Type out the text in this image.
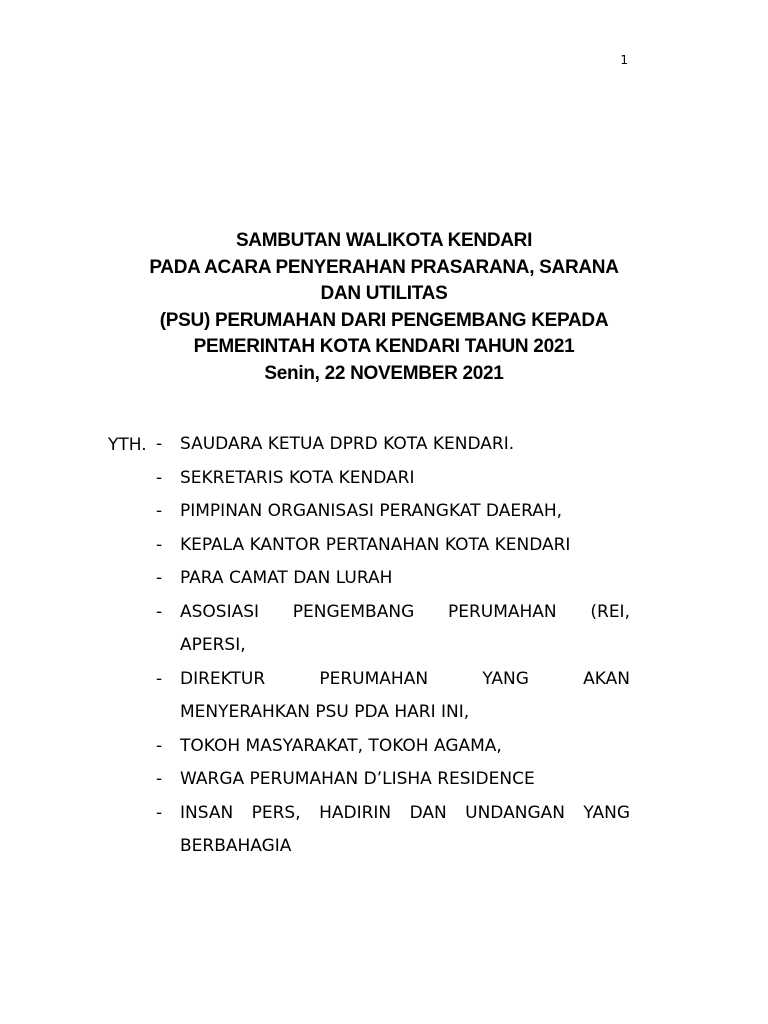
1
SAMBUTAN WALIKOTA KENDARI
PADA ACARA PENYERAHAN PRASARANA, SARANA
DAN UTILITAS
(PSU) PERUMAHAN DARI PENGEMBANG KEPADA
PEMERINTAH KOTA KENDARI TAHUN 2021
Senin, 22 NOVEMBER 2021
YTH. -	SAUDARA KETUA DPRD KOTA KENDARI.
-	SEKRETARIS KOTA KENDARI
-	PIMPINAN ORGANISASI PERANGKAT DAERAH,
-	KEPALA KANTOR PERTANAHAN KOTA KENDARI
-	PARA CAMAT DAN LURAH
-	ASOSIASI PENGEMBANG PERUMAHAN (REI,
APERSI,
-	DIREKTUR	PERUMAHAN	YANG	AKAN
MENYERAHKAN PSU PDA HARI INI,
-	TOKOH MASYARAKAT, TOKOH AGAMA,
-	WARGA PERUMAHAN D’LISHA RESIDENCE
-	INSAN PERS, HADIRIN DAN UNDANGAN YANG
BERBAHAGIA
